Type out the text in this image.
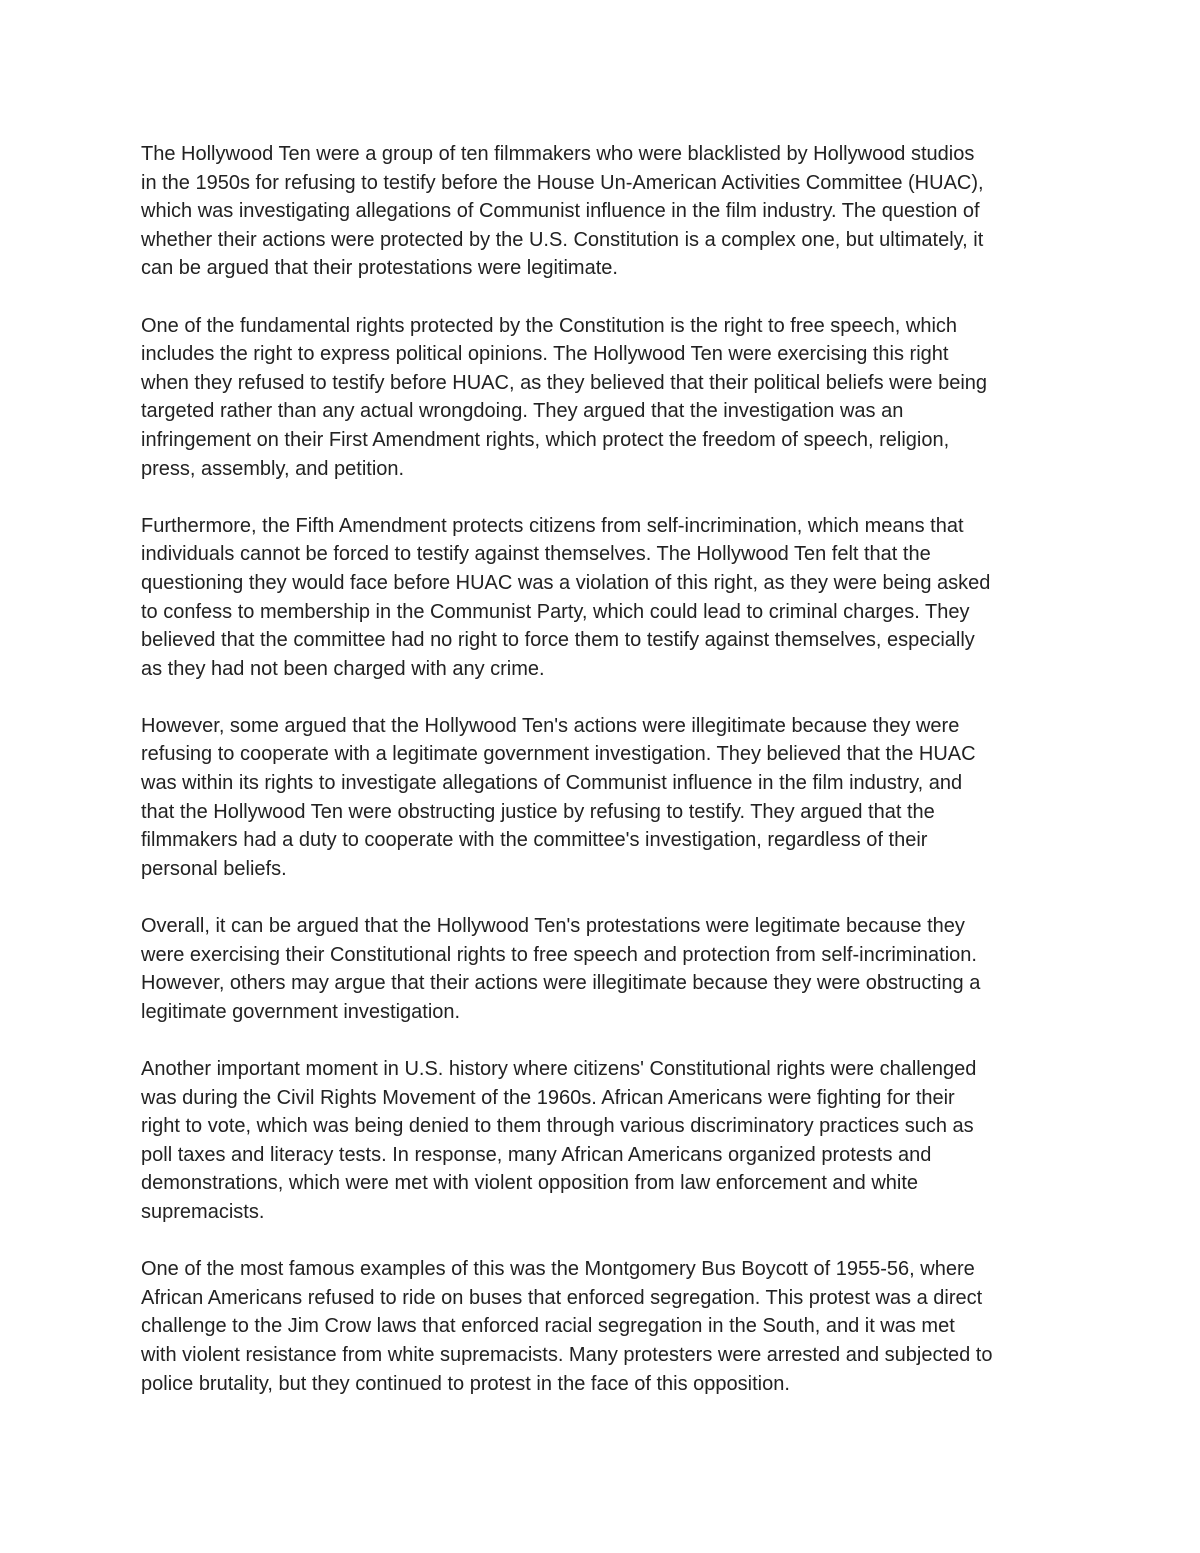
The Hollywood Ten were a group of ten filmmakers who were blacklisted by Hollywood studios
in the 1950s for refusing to testify before the House Un-American Activities Committee (HUAC),
which was investigating allegations of Communist influence in the film industry. The question of
whether their actions were protected by the U.S. Constitution is a complex one, but ultimately, it
can be argued that their protestations were legitimate.

One of the fundamental rights protected by the Constitution is the right to free speech, which
includes the right to express political opinions. The Hollywood Ten were exercising this right
when they refused to testify before HUAC, as they believed that their political beliefs were being
targeted rather than any actual wrongdoing. They argued that the investigation was an
infringement on their First Amendment rights, which protect the freedom of speech, religion,
press, assembly, and petition.

Furthermore, the Fifth Amendment protects citizens from self-incrimination, which means that
individuals cannot be forced to testify against themselves. The Hollywood Ten felt that the
questioning they would face before HUAC was a violation of this right, as they were being asked
to confess to membership in the Communist Party, which could lead to criminal charges. They
believed that the committee had no right to force them to testify against themselves, especially
as they had not been charged with any crime.

However, some argued that the Hollywood Ten's actions were illegitimate because they were
refusing to cooperate with a legitimate government investigation. They believed that the HUAC
was within its rights to investigate allegations of Communist influence in the film industry, and
that the Hollywood Ten were obstructing justice by refusing to testify. They argued that the
filmmakers had a duty to cooperate with the committee's investigation, regardless of their
personal beliefs.

Overall, it can be argued that the Hollywood Ten's protestations were legitimate because they
were exercising their Constitutional rights to free speech and protection from self-incrimination.
However, others may argue that their actions were illegitimate because they were obstructing a
legitimate government investigation.

Another important moment in U.S. history where citizens' Constitutional rights were challenged
was during the Civil Rights Movement of the 1960s. African Americans were fighting for their
right to vote, which was being denied to them through various discriminatory practices such as
poll taxes and literacy tests. In response, many African Americans organized protests and
demonstrations, which were met with violent opposition from law enforcement and white
supremacists.

One of the most famous examples of this was the Montgomery Bus Boycott of 1955-56, where
African Americans refused to ride on buses that enforced segregation. This protest was a direct
challenge to the Jim Crow laws that enforced racial segregation in the South, and it was met
with violent resistance from white supremacists. Many protesters were arrested and subjected to
police brutality, but they continued to protest in the face of this opposition.
